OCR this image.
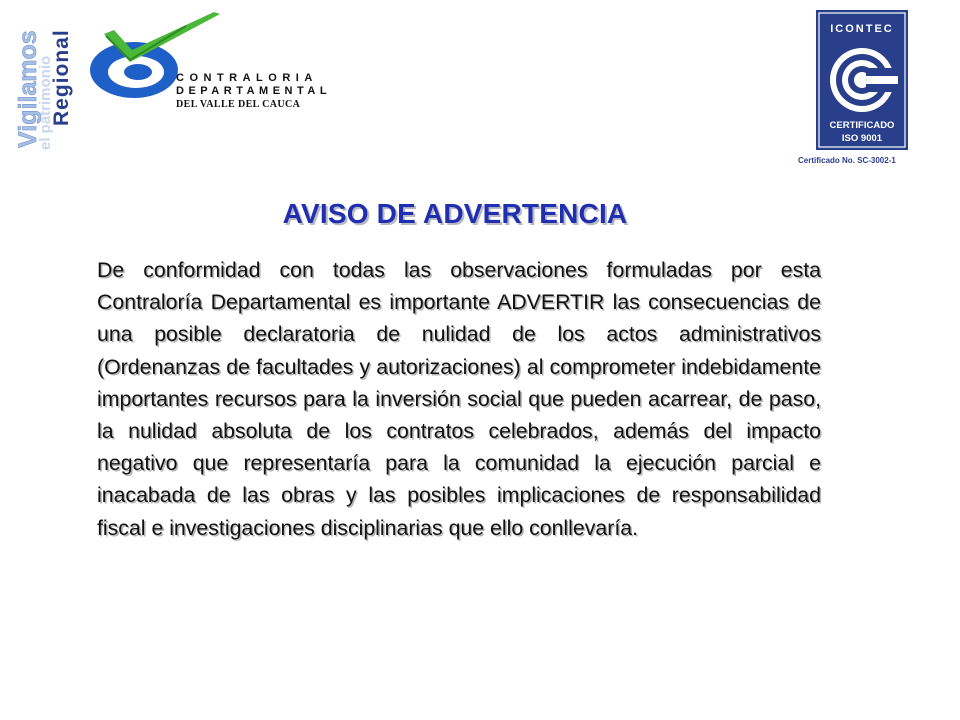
Vigilamos
el patrimonio
Regional	CONTRALORIA
DEPARTAMENTAL
DEL VALLE DEL CAUCA
ICONTEC
CERTIFICADO
ISO 9001
Certificado No. SC-3002-1
AVISO DE ADVERTENCIA
De conformidad con todas las observaciones formuladas por esta Contraloría Departamental es importante ADVERTIR las consecuencias de una posible declaratoria de nulidad de los actos administrativos (Ordenanzas de facultades y autorizaciones) al comprometer indebidamente importantes recursos para la inversión social que pueden acarrear, de paso, la nulidad absoluta de los contratos celebrados, además del impacto negativo que representaría para la comunidad la ejecución parcial e inacabada de las obras y las posibles implicaciones de responsabilidad fiscal e investigaciones disciplinarias que ello conllevaría.
